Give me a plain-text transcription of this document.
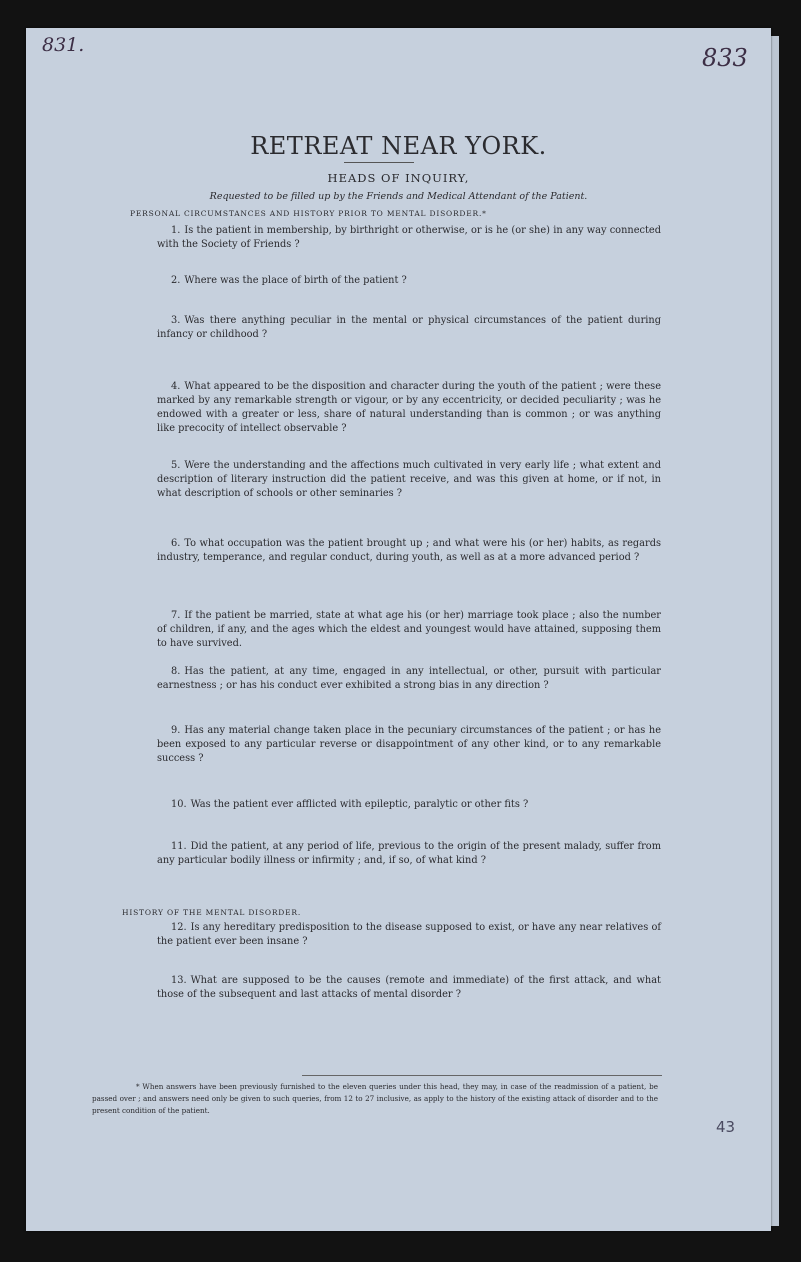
831.	833
43
RETREAT NEAR YORK.
HEADS OF INQUIRY,
Requested to be filled up by the Friends and Medical Attendant of the Patient.
PERSONAL CIRCUMSTANCES AND HISTORY PRIOR TO MENTAL DISORDER.*
1. Is the patient in membership, by birthright or otherwise, or is he (or she) in any way connected with the Society of Friends ?
2. Where was the place of birth of the patient ?
3. Was there anything peculiar in the mental or physical circumstances of the patient during infancy or childhood ?
4. What appeared to be the disposition and character during the youth of the patient ; were these marked by any remarkable strength or vigour, or by any eccentricity, or decided peculiarity ; was he endowed with a greater or less, share of natural understanding than is common ; or was anything like precocity of intellect observable ?
5. Were the understanding and the affections much cultivated in very early life ; what extent and description of literary instruction did the patient receive, and was this given at home, or if not, in what description of schools or other seminaries ?
6. To what occupation was the patient brought up ; and what were his (or her) habits, as regards industry, temperance, and regular conduct, during youth, as well as at a more advanced period ?
7. If the patient be married, state at what age his (or her) marriage took place ; also the number of children, if any, and the ages which the eldest and youngest would have attained, supposing them to have survived.
8. Has the patient, at any time, engaged in any intellectual, or other, pursuit with particular earnestness ; or has his conduct ever exhibited a strong bias in any direction ?
9. Has any material change taken place in the pecuniary circumstances of the patient ; or has he been exposed to any particular reverse or disappointment of any other kind, or to any remarkable success ?
10. Was the patient ever afflicted with epileptic, paralytic or other fits ?
11. Did the patient, at any period of life, previous to the origin of the present malady, suffer from any particular bodily illness or infirmity ; and, if so, of what kind ?
HISTORY OF THE MENTAL DISORDER.
12. Is any hereditary predisposition to the disease supposed to exist, or have any near relatives of the patient ever been insane ?
13. What are supposed to be the causes (remote and immediate) of the first attack, and what those of the subsequent and last attacks of mental disorder ?
* When answers have been previously furnished to the eleven queries under this head, they may, in case of the readmission of a patient, be passed over ; and answers need only be given to such queries, from 12 to 27 inclusive, as apply to the history of the existing attack of disorder and to the present condition of the patient.
